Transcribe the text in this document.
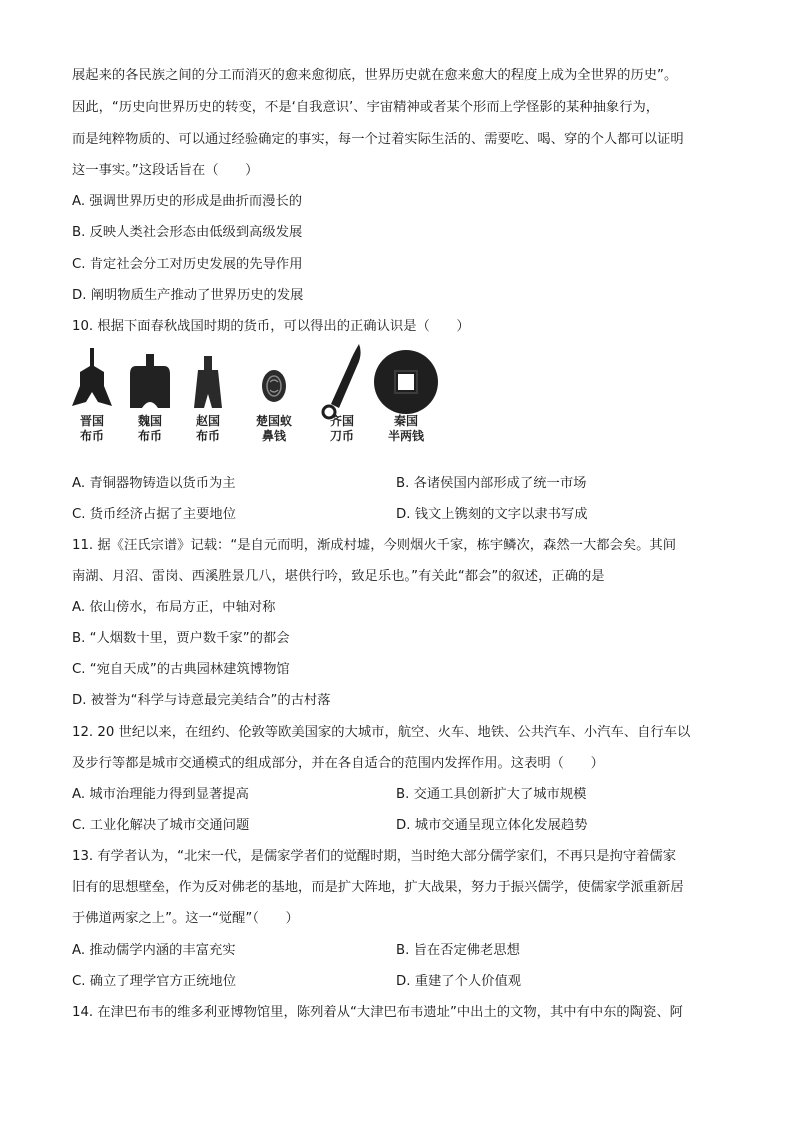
展起来的各民族之间的分工而消灭的愈来愈彻底，世界历史就在愈来愈大的程度上成为全世界的历史”。
因此，“历史向世界历史的转变，不是‘自我意识’、宇宙精神或者某个形而上学怪影的某种抽象行为，
而是纯粹物质的、可以通过经验确定的事实，每一个过着实际生活的、需要吃、喝、穿的个人都可以证明
这一事实。”这段话旨在（　　）
A. 强调世界历史的形成是曲折而漫长的
B. 反映人类社会形态由低级到高级发展
C. 肯定社会分工对历史发展的先导作用
D. 阐明物质生产推动了世界历史的发展
10. 根据下面春秋战国时期的货币，可以得出的正确认识是（　　）
晋国
布币
魏国
布币
赵国
布币
楚国蚁
鼻钱
齐国
刀币
秦国
半两钱
A. 青铜器物铸造以货币为主	B. 各诸侯国内部形成了统一市场
C. 货币经济占据了主要地位	D. 钱文上镌刻的文字以隶书写成
11. 据《汪氏宗谱》记载：“是自元而明，渐成村墟，今则烟火千家，栋宇鳞次，森然一大都会矣。其间
南湖、月沼、雷岗、西溪胜景几八，堪供行吟，致足乐也。”有关此“都会”的叙述，正确的是
A. 依山傍水，布局方正，中轴对称
B. “人烟数十里，贾户数千家”的都会
C. “宛自天成”的古典园林建筑博物馆
D. 被誉为“科学与诗意最完美结合”的古村落
12. 20 世纪以来，在纽约、伦敦等欧美国家的大城市，航空、火车、地铁、公共汽车、小汽车、自行车以
及步行等都是城市交通模式的组成部分，并在各自适合的范围内发挥作用。这表明（　　）
A. 城市治理能力得到显著提高	B. 交通工具创新扩大了城市规模
C. 工业化解决了城市交通问题	D. 城市交通呈现立体化发展趋势
13. 有学者认为，“北宋一代，是儒家学者们的觉醒时期，当时绝大部分儒学家们，不再只是拘守着儒家
旧有的思想壁垒，作为反对佛老的基地，而是扩大阵地，扩大战果，努力于振兴儒学，使儒家学派重新居
于佛道两家之上”。这一“觉醒”（　　）
A. 推动儒学内涵的丰富充实	B. 旨在否定佛老思想
C. 确立了理学官方正统地位	D. 重建了个人价值观
14. 在津巴布韦的维多利亚博物馆里，陈列着从“大津巴布韦遗址”中出土的文物，其中有中东的陶瓷、阿
